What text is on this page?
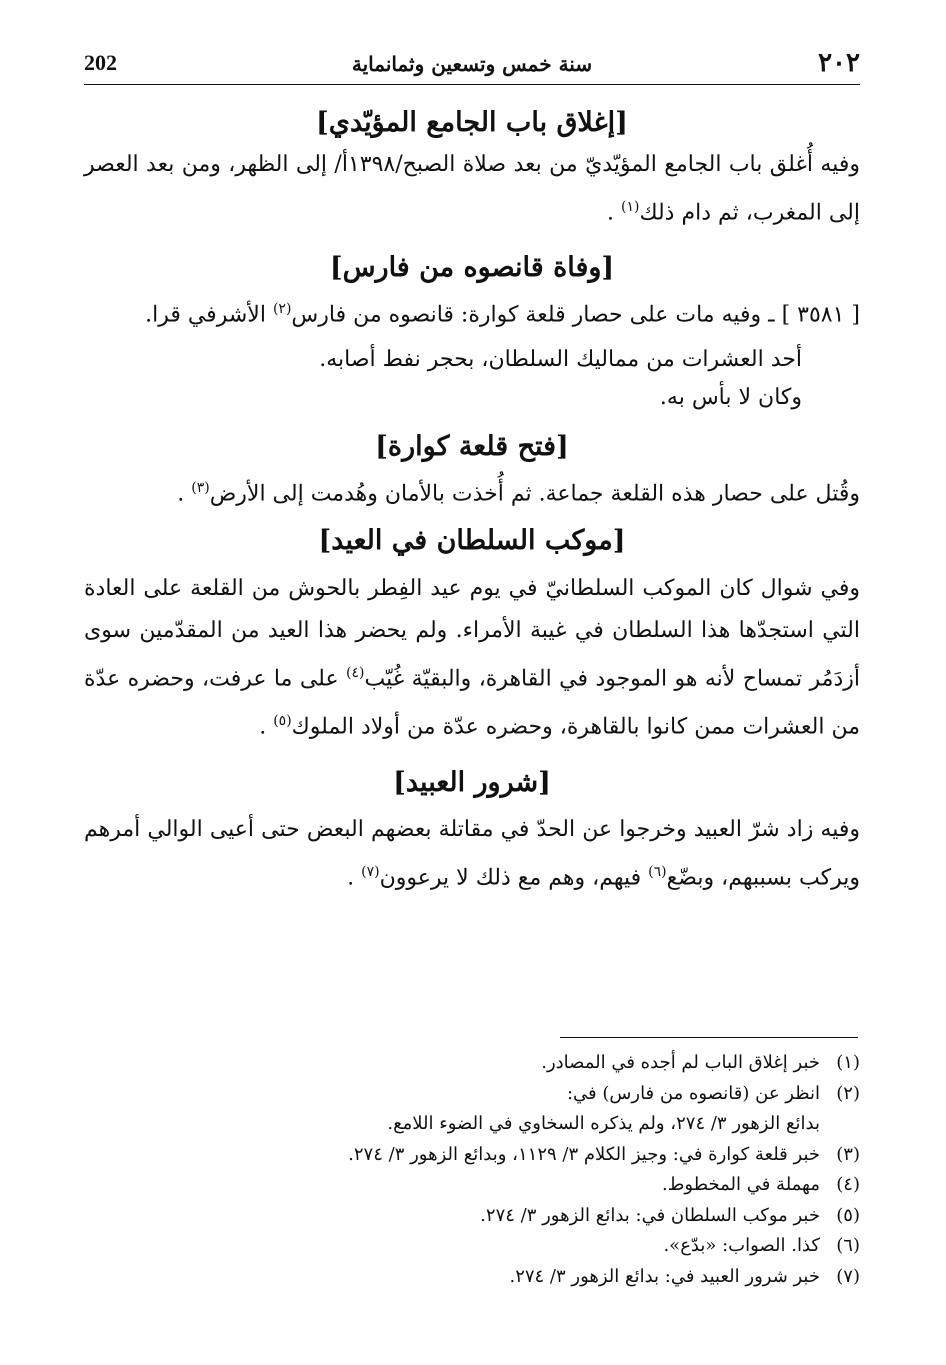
٢٠٢
سنة خمس وتسعين وثمانماية
202
[إغلاق باب الجامع المؤيّدي]

وفيه أُغلق باب الجامع المؤيّديّ من بعد صلاة الصبح/١٣٩٨أ/ إلى الظهر، ومن بعد العصر إلى المغرب، ثم دام ذلك$^{(١)}$ .

[وفاة قانصوه من فارس]

[ ٣٥٨١ ] ـ وفيه مات على حصار قلعة كوارة: قانصوه من فارس$^{(٢)}$ الأشرفي قرا.

أحد العشرات من مماليك السلطان، بحجر نفط أصابه.

وكان لا بأس به.

[فتح قلعة كوارة]

وقُتل على حصار هذه القلعة جماعة. ثم أُخذت بالأمان وهُدمت إلى الأرض$^{(٣)}$ .

[موكب السلطان في العيد]

وفي شوال كان الموكب السلطانيّ في يوم عيد الفِطر بالحوش من القلعة على العادة التي استجدّها هذا السلطان في غيبة الأمراء. ولم يحضر هذا العيد من المقدّمين سوى أزدَمُر تمساح لأنه هو الموجود في القاهرة، والبقيّة غُيّب$^{(٤)}$ على ما عرفت، وحضره عدّة من العشرات ممن كانوا بالقاهرة، وحضره عدّة من أولاد الملوك$^{(٥)}$ .

[شرور العبيد]

وفيه زاد شرّ العبيد وخرجوا عن الحدّ في مقاتلة بعضهم البعض حتى أعيى الوالي أمرهم ويركب بسببهم، وبضّع$^{(٦)}$ فيهم، وهم مع ذلك لا يرعوون$^{(٧)}$ .

(١)
خبر إغلاق الباب لم أجده في المصادر.
(٢)
انظر عن (قانصوه من فارس) في:
بدائع الزهور ٣/ ٢٧٤، ولم يذكره السخاوي في الضوء اللامع.
(٣)
خبر قلعة كوارة في: وجيز الكلام ٣/ ١١٢٩، وبدائع الزهور ٣/ ٢٧٤.
(٤)
مهملة في المخطوط.
(٥)
خبر موكب السلطان في: بدائع الزهور ٣/ ٢٧٤.
(٦)
كذا. الصواب: «بدّع».
(٧)
خبر شرور العبيد في: بدائع الزهور ٣/ ٢٧٤.
